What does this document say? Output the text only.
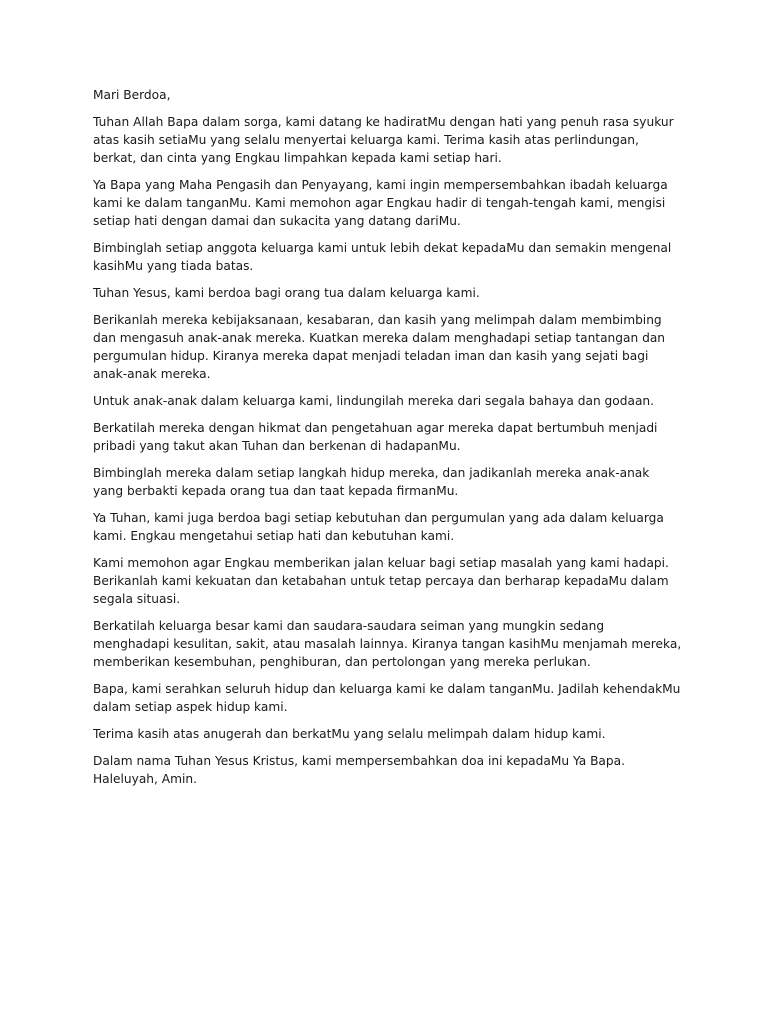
Mari Berdoa,

Tuhan Allah Bapa dalam sorga, kami datang ke hadiratMu dengan hati yang penuh rasa syukur atas kasih setiaMu yang selalu menyertai keluarga kami. Terima kasih atas perlindungan, berkat, dan cinta yang Engkau limpahkan kepada kami setiap hari.

Ya Bapa yang Maha Pengasih dan Penyayang, kami ingin mempersembahkan ibadah keluarga kami ke dalam tanganMu. Kami memohon agar Engkau hadir di tengah-tengah kami, mengisi setiap hati dengan damai dan sukacita yang datang dariMu.

Bimbinglah setiap anggota keluarga kami untuk lebih dekat kepadaMu dan semakin mengenal kasihMu yang tiada batas.

Tuhan Yesus, kami berdoa bagi orang tua dalam keluarga kami.

Berikanlah mereka kebijaksanaan, kesabaran, dan kasih yang melimpah dalam membimbing dan mengasuh anak-anak mereka. Kuatkan mereka dalam menghadapi setiap tantangan dan pergumulan hidup. Kiranya mereka dapat menjadi teladan iman dan kasih yang sejati bagi anak-anak mereka.

Untuk anak-anak dalam keluarga kami, lindungilah mereka dari segala bahaya dan godaan.

Berkatilah mereka dengan hikmat dan pengetahuan agar mereka dapat bertumbuh menjadi pribadi yang takut akan Tuhan dan berkenan di hadapanMu.

Bimbinglah mereka dalam setiap langkah hidup mereka, dan jadikanlah mereka anak-anak yang berbakti kepada orang tua dan taat kepada firmanMu.

Ya Tuhan, kami juga berdoa bagi setiap kebutuhan dan pergumulan yang ada dalam keluarga kami. Engkau mengetahui setiap hati dan kebutuhan kami.

Kami memohon agar Engkau memberikan jalan keluar bagi setiap masalah yang kami hadapi. Berikanlah kami kekuatan dan ketabahan untuk tetap percaya dan berharap kepadaMu dalam segala situasi.

Berkatilah keluarga besar kami dan saudara-saudara seiman yang mungkin sedang menghadapi kesulitan, sakit, atau masalah lainnya. Kiranya tangan kasihMu menjamah mereka, memberikan kesembuhan, penghiburan, dan pertolongan yang mereka perlukan.

Bapa, kami serahkan seluruh hidup dan keluarga kami ke dalam tanganMu. Jadilah kehendakMu dalam setiap aspek hidup kami.

Terima kasih atas anugerah dan berkatMu yang selalu melimpah dalam hidup kami.

Dalam nama Tuhan Yesus Kristus, kami mempersembahkan doa ini kepadaMu Ya Bapa. Haleluyah, Amin.
